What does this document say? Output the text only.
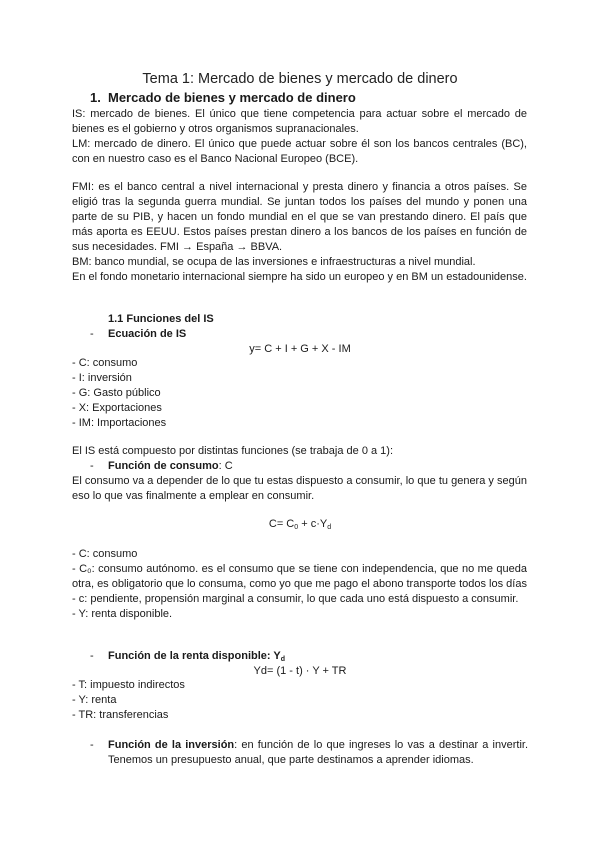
Tema 1: Mercado de bienes y mercado de dinero
1. Mercado de bienes y mercado de dinero

IS: mercado de bienes. El único que tiene competencia para actuar sobre el mercado de bienes es el gobierno y otros organismos supranacionales.

LM: mercado de dinero. El único que puede actuar sobre él son los bancos centrales (BC), con en nuestro caso es el Banco Nacional Europeo (BCE).

FMI: es el banco central a nivel internacional y presta dinero y financia a otros países. Se eligió tras la segunda guerra mundial. Se juntan todos los países del mundo y ponen una parte de su PIB, y hacen un fondo mundial en el que se van prestando dinero. El país que más aporta es EEUU. Estos países prestan dinero a los bancos de los países en función de sus necesidades. FMI → España → BBVA.

BM: banco mundial, se ocupa de las inversiones e infraestructuras a nivel mundial.

En el fondo monetario internacional siempre ha sido un europeo y en BM un estadounidense.

1.1 Funciones del IS
- Ecuación de IS
y= C + I + G + X - IM

- C: consumo

- I: inversión

- G: Gasto público

- X: Exportaciones

- IM: Importaciones

El IS está compuesto por distintas funciones (se trabaja de 0 a 1):
- Función de consumo: C

El consumo va a depender de lo que tu estas dispuesto a consumir, lo que tu genera y según eso lo que vas finalmente a emplear en consumir.

$C= C_0 + c\cdot Y_d$

- C: consumo

- C₀: consumo autónomo. es el consumo que se tiene con independencia, que no me queda otra, es obligatorio que lo consuma, como yo que me pago el abono transporte todos los días

- c: pendiente, propensión marginal a consumir, lo que cada uno está dispuesto a consumir.

- Y: renta disponible.

- Función de la renta disponible: $Y_d$
Yd= (1 - t) · Y + TR

- T: impuesto indirectos

- Y: renta

- TR: transferencias

-	Función de la inversión: en función de lo que ingreses lo vas a destinar a invertir. Tenemos un presupuesto anual, que parte destinamos a aprender idiomas.
